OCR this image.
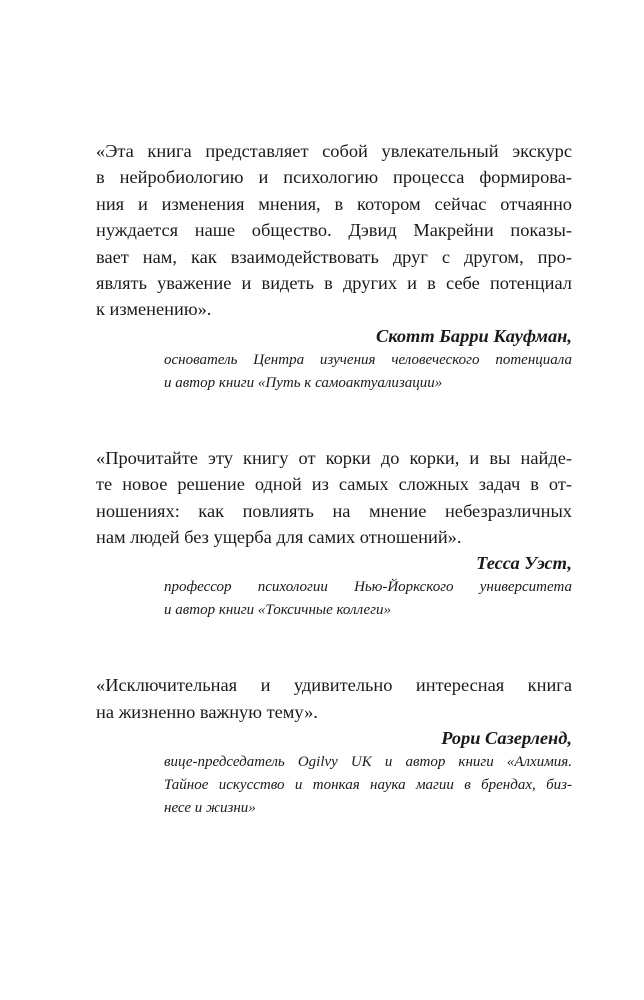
«Эта книга представляет собой увлекательный экскурс
в нейробиологию и психологию процесса формирова-
ния и изменения мнения, в котором сейчас отчаянно
нуждается наше общество. Дэвид Макрейни показы-
вает нам, как взаимодействовать друг с другом, про-
являть уважение и видеть в других и в себе потенциал
к изменению».

Скотт Барри Кауфман,

основатель Центра изучения человеческого потенциала
и автор книги «Путь к самоактуализации»

«Прочитайте эту книгу от корки до корки, и вы найде-
те новое решение одной из самых сложных задач в от-
ношениях: как повлиять на мнение небезразличных
нам людей без ущерба для самих отношений».

Тесса Уэст,

профессор психологии Нью-Йоркского университета
и автор книги «Токсичные коллеги»

«Исключительная и удивительно интересная книга
на жизненно важную тему».

Рори Сазерленд,

вице-председатель Ogilvy UK и автор книги «Алхимия.
Тайное искусство и тонкая наука магии в брендах, биз-
несе и жизни»
